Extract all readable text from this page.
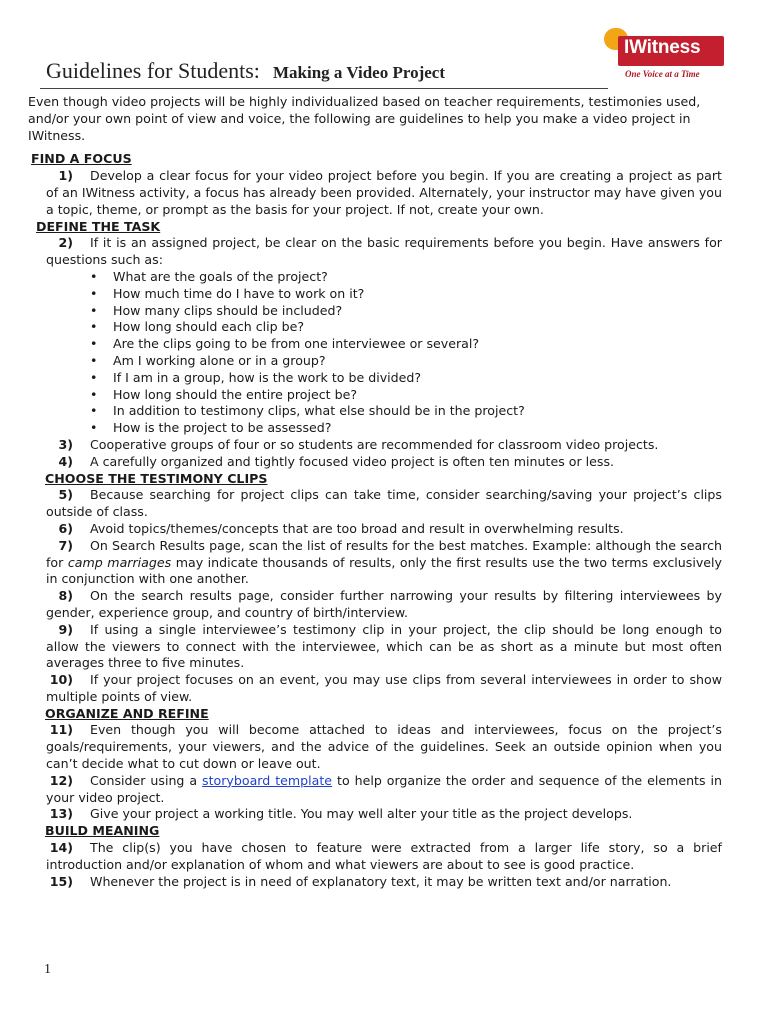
Guidelines for Students: Making a Video Project
IWitness
One Voice at a Time

Even though video projects will be highly individualized based on teacher requirements, testimonies used, and/or your own point of view and voice, the following are guidelines to help you make a video project in IWitness.

FIND A FOCUS

1) Develop a clear focus for your video project before you begin. If you are creating a project as part of an IWitness activity, a focus has already been provided. Alternately, your instructor may have given you a topic, theme, or prompt as the basis for your project. If not, create your own.

DEFINE THE TASK

2) If it is an assigned project, be clear on the basic requirements before you begin. Have answers for questions such as:

• What are the goals of the project?
• How much time do I have to work on it?
• How many clips should be included?
• How long should each clip be?
• Are the clips going to be from one interviewee or several?
• Am I working alone or in a group?
• If I am in a group, how is the work to be divided?
• How long should the entire project be?
• In addition to testimony clips, what else should be in the project?
• How is the project to be assessed?

3) Cooperative groups of four or so students are recommended for classroom video projects.

4) A carefully organized and tightly focused video project is often ten minutes or less.

CHOOSE THE TESTIMONY CLIPS

5) Because searching for project clips can take time, consider searching/saving your project’s clips outside of class.

6) Avoid topics/themes/concepts that are too broad and result in overwhelming results.

7) On Search Results page, scan the list of results for the best matches. Example: although the search for camp marriages may indicate thousands of results, only the first results use the two terms exclusively in conjunction with one another.

8) On the search results page, consider further narrowing your results by filtering interviewees by gender, experience group, and country of birth/interview.

9) If using a single interviewee’s testimony clip in your project, the clip should be long enough to allow the viewers to connect with the interviewee, which can be as short as a minute but most often averages three to five minutes.

10) If your project focuses on an event, you may use clips from several interviewees in order to show multiple points of view.

ORGANIZE AND REFINE

11) Even though you will become attached to ideas and interviewees, focus on the project’s goals/requirements, your viewers, and the advice of the guidelines. Seek an outside opinion when you can’t decide what to cut down or leave out.

12) Consider using a storyboard template to help organize the order and sequence of the elements in your video project.

13) Give your project a working title. You may well alter your title as the project develops.

BUILD MEANING

14) The clip(s) you have chosen to feature were extracted from a larger life story, so a brief introduction and/or explanation of whom and what viewers are about to see is good practice.

15) Whenever the project is in need of explanatory text, it may be written text and/or narration.

1
